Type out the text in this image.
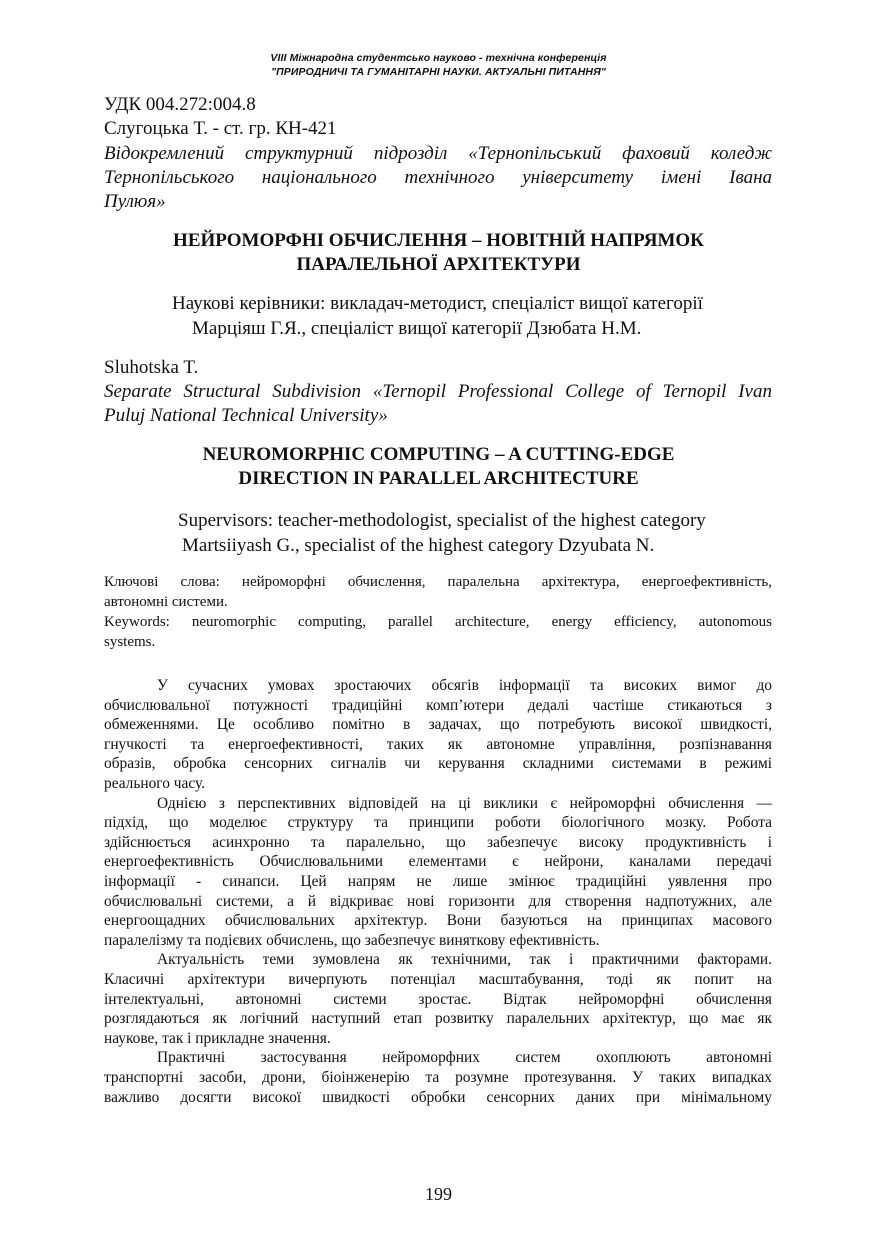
VIII Міжнародна студентсько науково - технічна конференція
"ПРИРОДНИЧІ ТА ГУМАНІТАРНІ НАУКИ. АКТУАЛЬНІ ПИТАННЯ"
УДК 004.272:004.8
Слугоцька Т. - ст. гр. КН-421
Відокремлений структурний підрозділ «Тернопільський фаховий коледж
Тернопільського національного технічного університету імені Івана
Пулюя»
НЕЙРОМОРФНІ ОБЧИСЛЕННЯ – НОВІТНІЙ НАПРЯМОК
ПАРАЛЕЛЬНОЇ АРХІТЕКТУРИ
Наукові керівники: викладач-методист, спеціаліст вищої категорії
Марціяш Г.Я., спеціаліст вищої категорії Дзюбата Н.М.
Sluhotska T.
Separate Structural Subdivision «Ternopil Professional College of Ternopil Ivan
Puluj National Technical University»
NEUROMORPHIC COMPUTING – A CUTTING-EDGE
DIRECTION IN PARALLEL ARCHITECTURE
Supervisors: teacher-methodologist, specialist of the highest category
Martsiiyash G., specialist of the highest category Dzyubata N.
Ключові слова: нейроморфні обчислення, паралельна архітектура, енергоефективність,
автономні системи.
Keywords: neuromorphic computing, parallel architecture, energy efficiency, autonomous
systems.
У сучасних умовах зростаючих обсягів інформації та високих вимог до
обчислювальної потужності традиційні комп’ютери дедалі частіше стикаються з
обмеженнями. Це особливо помітно в задачах, що потребують високої швидкості,
гнучкості та енергоефективності, таких як автономне управління, розпізнавання
образів, обробка сенсорних сигналів чи керування складними системами в режимі
реального часу.
Однією з перспективних відповідей на ці виклики є нейроморфні обчислення —
підхід, що моделює структуру та принципи роботи біологічного мозку. Робота
здійснюється асинхронно та паралельно, що забезпечує високу продуктивність і
енергоефективність Обчислювальними елементами є нейрони, каналами передачі
інформації - синапси. Цей напрям не лише змінює традиційні уявлення про
обчислювальні системи, а й відкриває нові горизонти для створення надпотужних, але
енергоощадних обчислювальних архітектур. Вони базуються на принципах масового
паралелізму та подієвих обчислень, що забезпечує виняткову ефективність.
Актуальність теми зумовлена як технічними, так і практичними факторами.
Класичні архітектури вичерпують потенціал масштабування, тоді як попит на
інтелектуальні, автономні системи зростає. Відтак нейроморфні обчислення
розглядаються як логічний наступний етап розвитку паралельних архітектур, що має як
наукове, так і прикладне значення.
Практичні застосування нейроморфних систем охоплюють автономні
транспортні засоби, дрони, біоінженерію та розумне протезування. У таких випадках
важливо досягти високої швидкості обробки сенсорних даних при мінімальному
199
